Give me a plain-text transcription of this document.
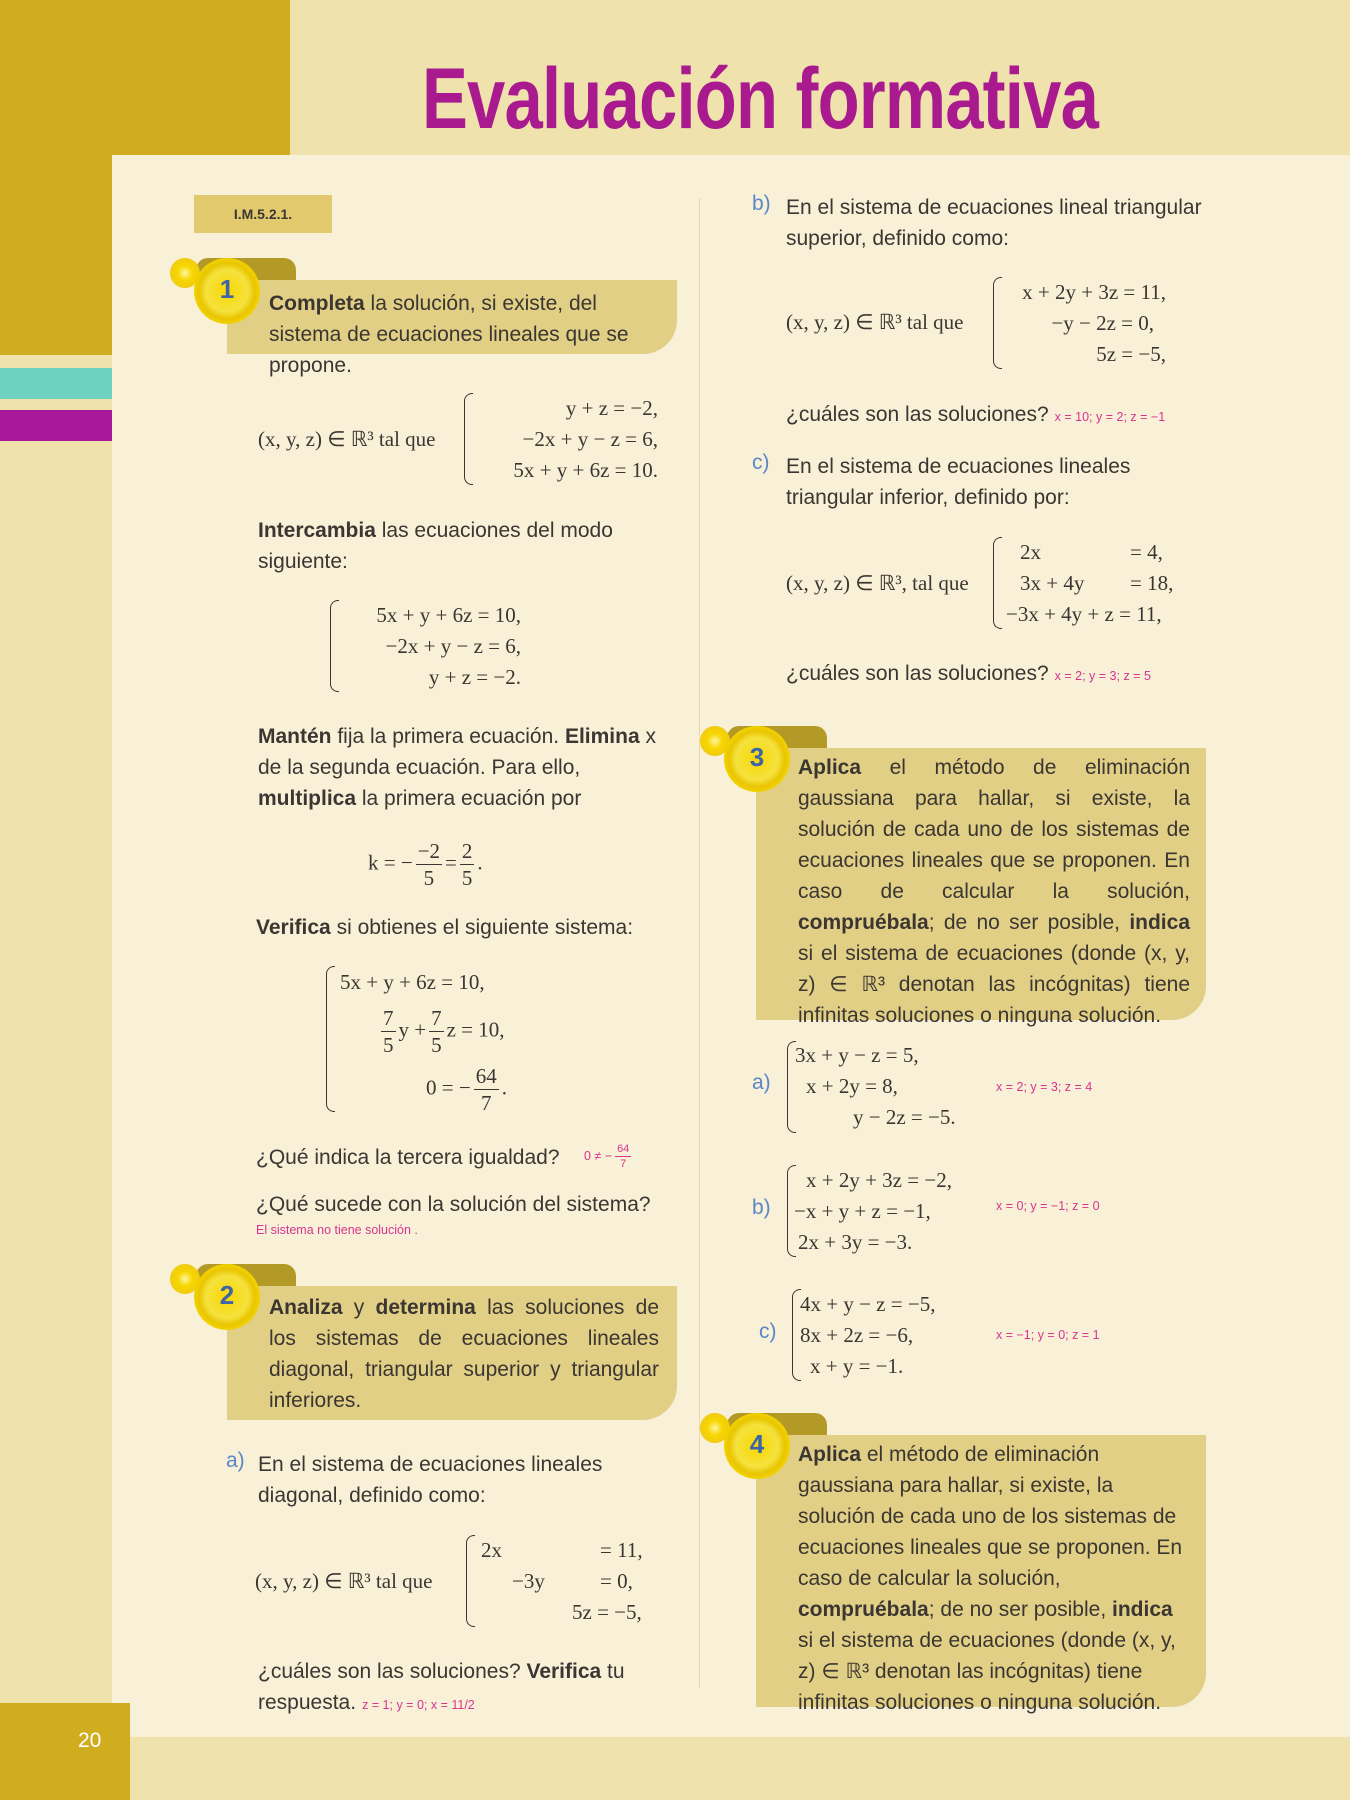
20
Evaluación formativa
I.M.5.2.1.
Completa la solución, si existe, del sistema de ecuaciones lineales que se propone.
1
(x, y, z) ∈ ℝ³ tal que
y + z = −2,
−2x + y − z = 6,
5x + y + 6z = 10.
Intercambia las ecuaciones del modo siguiente:
5x + y + 6z = 10,
−2x + y − z = 6,
y + z = −2.
Mantén fija la primera ecuación. Elimina x de la segunda ecuación. Para ello, multiplica la primera ecuación por
k = − $\frac{-2}{5} = \frac{2}{5}$ .
Verifica si obtienes el siguiente sistema:
5x + y + 6z = 10,
$\frac{7}{5}$ $y + \frac{7}{5}$ z = 10,
0 = − $\frac{64}{7}$ .
¿Qué indica la tercera igualdad? 0 ≠ − $\frac{64}{7}$
¿Qué sucede con la solución del sistema?
El sistema no tiene solución .
Analiza y determina las soluciones de los sistemas de ecuaciones lineales diagonal, triangular superior y triangular inferiores.
2
a) En el sistema de ecuaciones lineales diagonal, definido como:
(x, y, z) ∈ ℝ³ tal que
2x	= 11,
−3y	= 0,
5z = −5,
¿cuáles son las soluciones? Verifica tu respuesta. z = 1; y = 0; x = 11/2
b) En el sistema de ecuaciones lineal triangular superior, definido como:
(x, y, z) ∈ ℝ³ tal que
x + 2y + 3z = 11,
−y − 2z = 0,
5z = −5,
¿cuáles son las soluciones? x = 10; y = 2; z = −1
c) En el sistema de ecuaciones lineales triangular inferior, definido por:
(x, y, z) ∈ ℝ³, tal que
2x	= 4,
3x + 4y = 18,
−3x + 4y + z = 11,
¿cuáles son las soluciones? x = 2; y = 3; z = 5
Aplica el método de eliminación gaussiana para hallar, si existe, la solución de cada uno de los sistemas de ecuaciones lineales que se proponen. En caso de calcular la solución, compruébala; de no ser posible, indica si el sistema de ecuaciones (donde (x, y, z) ∈ ℝ³ denotan las incógnitas) tiene infinitas soluciones o ninguna solución.
3
a)
3x + y − z = 5,
x + 2y = 8,
y − 2z = −5.
x = 2; y = 3; z = 4
b)
x + 2y + 3z = −2,
−x + y + z = −1,
2x + 3y = −3.
x = 0; y = −1; z = 0
c)
4x + y − z = −5,
8x + 2z = −6,
x + y = −1.
x = −1; y = 0; z = 1
Aplica el método de eliminación gaussiana para hallar, si existe, la solución de cada uno de los sistemas de ecuaciones lineales que se proponen. En caso de calcular la solución, compruébala; de no ser posible, indica si el sistema de ecuaciones (donde (x, y, z) ∈ ℝ³ denotan las incógnitas) tiene infinitas soluciones o ninguna solución.
4
